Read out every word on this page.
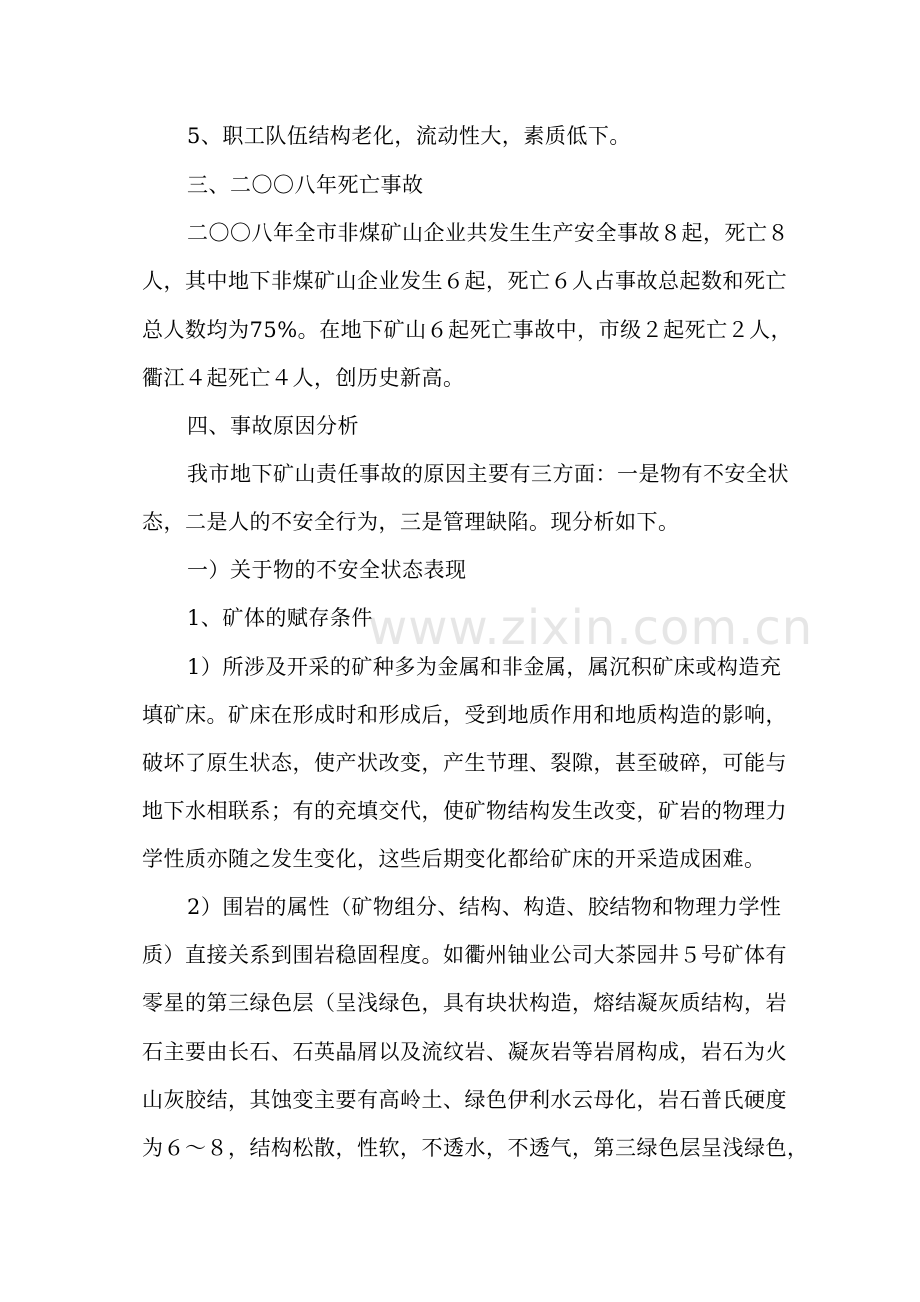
www.zixin.com.cn
5、职工队伍结构老化，流动性大，素质低下。
三、二〇〇八年死亡事故
二〇〇八年全市非煤矿山企业共发生生产安全事故８起，死亡８
人，其中地下非煤矿山企业发生６起，死亡６人占事故总起数和死亡
总人数均为75%。在地下矿山６起死亡事故中，市级２起死亡２人，
衢江４起死亡４人，创历史新高。
四、事故原因分析
我市地下矿山责任事故的原因主要有三方面：一是物有不安全状
态，二是人的不安全行为，三是管理缺陷。现分析如下。
一）关于物的不安全状态表现
1、矿体的赋存条件
1）所涉及开采的矿种多为金属和非金属，属沉积矿床或构造充
填矿床。矿床在形成时和形成后，受到地质作用和地质构造的影响，
破坏了原生状态，使产状改变，产生节理、裂隙，甚至破碎，可能与
地下水相联系；有的充填交代，使矿物结构发生改变，矿岩的物理力
学性质亦随之发生变化，这些后期变化都给矿床的开采造成困难。
2）围岩的属性（矿物组分、结构、构造、胶结物和物理力学性
质）直接关系到围岩稳固程度。如衢州铀业公司大茶园井５号矿体有
零星的第三绿色层（呈浅绿色，具有块状构造，熔结凝灰质结构，岩
石主要由长石、石英晶屑以及流纹岩、凝灰岩等岩屑构成，岩石为火
山灰胶结，其蚀变主要有高岭土、绿色伊利水云母化，岩石普氏硬度
为６～８，结构松散，性软，不透水，不透气，第三绿色层呈浅绿色，
